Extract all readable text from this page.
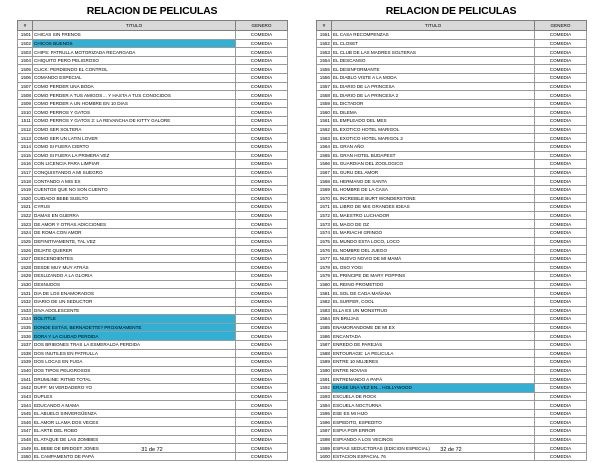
RELACION DE PELICULAS
#	TITULO	GENERO
1501	CHICAS SIN FRENOS	COMEDIA
1502	CHICOS BUENOS	COMEDIA
1503	CHIPS: PATRULLA MOTORIZADA RECARGADA	COMEDIA
1504	CHIQUITO PERO PELIGROSO	COMEDIA
1505	CLICK: PERDIENDO EL CONTROL	COMEDIA
1506	COMANDO ESPECIAL	COMEDIA
1507	COMO PERDER UNA BODA	COMEDIA
1508	COMO PERDER A TUS AMIGOS… Y HASTA A TUS CONOCIDOS	COMEDIA
1509	COMO PERDER A UN HOMBRE EN 10 DIAS	COMEDIA
1510	COMO PERROS Y GATOS	COMEDIA
1511	COMO PERROS Y GATOS 2: LA REVANCHA DE KITTY GALORE	COMEDIA
1512	COMO SER SOLTERA	COMEDIA
1513	COMO SER UN LATIN LOVER	COMEDIA
1514	COMO SI FUERA CIERTO	COMEDIA
1515	COMO SI FUERA LA PRIMERA VEZ	COMEDIA
1516	CON LICENCIA PARA LIMPIAR	COMEDIA
1517	CONQUISTANDO A MI SUEGRO	COMEDIA
1518	CONTANDO A MIS EX	COMEDIA
1519	CUENTOS QUE NO SON CUENTO	COMEDIA
1520	CUIDADO BEBE SUELTO	COMEDIA
1521	CYRUS	COMEDIA
1522	DAMAS EN GUERRA	COMEDIA
1523	DE AMOR Y OTRAS ADICCIONES	COMEDIA
1524	DE ROMA CON AMOR	COMEDIA
1525	DEFINITIVAMENTE, TAL VEZ	COMEDIA
1526	DEJATE QUERER	COMEDIA
1527	DESCENDIENTES	COMEDIA
1528	DESDE MUY MUY ATRÁS	COMEDIA
1529	DESLIZANDO A LA GLORIA	COMEDIA
1530	DESNUDOS	COMEDIA
1531	DIA DE LOS ENAMORADOS	COMEDIA
1532	DIARIO DE UN SEDUCTOR	COMEDIA
1533	DIVA ADOLESCENTE	COMEDIA
1534	DOLITTLE	COMEDIA
1535	DONDE ESTÁS, BERNADETTE? PROXIMAMENTE	COMEDIA
1536	DORA Y LA CIUDAD PERDIDA	COMEDIA
1537	DOS BRIBONES TRAS LA ESMERALDA PERDIDA	COMEDIA
1538	DOS INUTILES EN PATRULLA	COMEDIA
1539	DOS LOCAS EN FUGA	COMEDIA
1540	DOS TIPOS PELIGROSOS	COMEDIA
1541	DRUMLINE: RITMO TOTAL	COMEDIA
1542	DUFF: MI VERDADERO YO	COMEDIA
1543	DUPLEX	COMEDIA
1544	EDUCANDO A MAMA	COMEDIA
1545	EL ABUELO SINVERGÜENZA	COMEDIA
1546	EL AMOR LLAMA DOS VECES	COMEDIA
1547	EL ARTE DEL ROBO	COMEDIA
1548	EL ATAQUE DE LAS ZOMBIES	COMEDIA
1549	EL BEBE DE BRIDGET JONES	COMEDIA
1550	EL CAMPAMENTO DE PAPÁ	COMEDIA
31 de 72
RELACION DE PELICULAS
#	TITULO	GENERO
1551	EL CASA RECOMPENZAS	COMEDIA
1552	EL CLOSET	COMEDIA
1553	EL CLUB DE LAS MADRES SOLTERAS	COMEDIA
1554	EL DESCANSO	COMEDIA
1555	EL DESINFORMANTE	COMEDIA
1556	EL DIABLO VISTE A LA MODA	COMEDIA
1557	EL DIARIO DE LA PRINCESA	COMEDIA
1558	EL DIARIO DE LA PRINCESA 2	COMEDIA
1559	EL DICTADOR	COMEDIA
1560	EL DILEMA	COMEDIA
1561	EL EMPLEADO DEL MES	COMEDIA
1562	EL EXOTICO HOTEL MARIGOL	COMEDIA
1563	EL EXOTICO HOTEL MARIGOL 2	COMEDIA
1564	EL GRAN AÑO	COMEDIA
1565	EL GRAN HOTEL BUDAPEST	COMEDIA
1566	EL GUARDIAN DEL ZOOLOGICO	COMEDIA
1567	EL GURU DEL AMOR	COMEDIA
1568	EL HERMANO DE SANTA	COMEDIA
1569	EL HOMBRE DE LA CASA	COMEDIA
1570	EL INCREIBLE BURT WONDERSTONE	COMEDIA
1571	EL LIBRO DE MIS GRANDES IDEAS	COMEDIA
1572	EL MAESTRO LUCHADOR	COMEDIA
1573	EL MAGO DE OZ	COMEDIA
1574	EL MARIACHI GRINGO	COMEDIA
1575	EL MUNDO ESTA LOCO, LOCO	COMEDIA
1576	EL NOMBRE DEL JUEGO	COMEDIA
1577	EL NUEVO NOVIO DE MI MAMÁ	COMEDIA
1578	EL OSO YOGI	COMEDIA
1579	EL PRINCIPE DE MARY POPPINS	COMEDIA
1580	EL REINO PROMETIDO	COMEDIA
1581	EL SOL DE CADA MAÑANA	COMEDIA
1582	EL SURFER, COOL	COMEDIA
1583	ELLA ES UN MONSTRUO	COMEDIA
1584	EN BRUJAS	COMEDIA
1585	ENAMORANDOME DE MI EX	COMEDIA
1586	ENCANTADA	COMEDIA
1587	ENREDO DE PAREJAS	COMEDIA
1588	ENTOURAGE: LA PELICULA	COMEDIA
1589	ENTRE 10 MUJERES	COMEDIA
1590	ENTRE NOVIAS	COMEDIA
1591	ENTRENANDO A PAPÁ	COMEDIA
1592	ERASE UNA VEZ EN... HOLLYWOOD	COMEDIA
1593	ESCUELA DE ROCK	COMEDIA
1594	ESCUELA NOCTURNA	COMEDIA
1595	ESE ES MI HIJO	COMEDIA
1596	ESPEDITO, ESPEDITO	COMEDIA
1597	ESPIA POR ERROR	COMEDIA
1598	ESPIANDO A LOS VECINOS	COMEDIA
1599	ESPIAS SEDUCTORAS (EDICION ESPECIAL)	COMEDIA
1600	ESTACION ESPACIAL 76	COMEDIA
32 de 72
